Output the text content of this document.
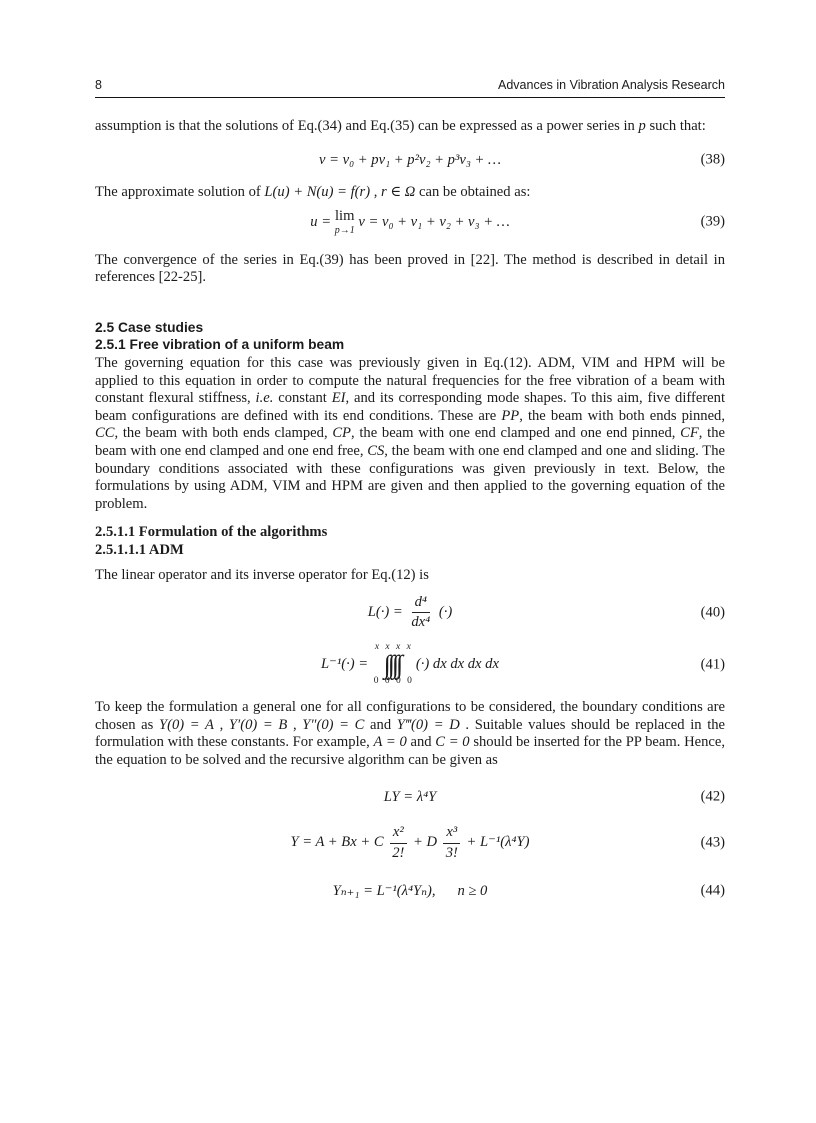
8	Advances in Vibration Analysis Research

assumption is that the solutions of Eq.(34) and Eq.(35) can be expressed as a power series in p such that:

v = v₀ + pv₁ + p²v₂ + p³v₃ + …	(38)

The approximate solution of L(u) + N(u) = f(r) , r ∈ Ω can be obtained as:

u = lim
p→1
v = v₀ + v₁ + v₂ + v₃ + …	(39)

The convergence of the series in Eq.(39) has been proved in [22]. The method is described in detail in references [22-25].

2.5 Case studies
2.5.1 Free vibration of a uniform beam

The governing equation for this case was previously given in Eq.(12). ADM, VIM and HPM will be applied to this equation in order to compute the natural frequencies for the free vibration of a beam with constant flexural stiffness, i.e. constant EI, and its corresponding mode shapes. To this aim, five different beam configurations are defined with its end conditions. These are PP, the beam with both ends pinned, CC, the beam with both ends clamped, CP, the beam with one end clamped and one end pinned, CF, the beam with one end clamped and one end free, CS, the beam with one end clamped and one and sliding. The boundary conditions associated with these configurations was given previously in text. Below, the formulations by using ADM, VIM and HPM are given and then applied to the governing equation of the problem.

2.5.1.1 Formulation of the algorithms
2.5.1.1.1 ADM

The linear operator and its inverse operator for Eq.(12) is

$L(\cdot) = \frac{\text{d⁴}}{\text{dx⁴}}$ (·)	(40)
L⁻¹(·) =
x x x x
∫∫∫∫
0 0 0 0
(·) dx dx dx dx	(41)

To keep the formulation a general one for all configurations to be considered, the boundary conditions are chosen as Y(0) = A , Y′(0) = B , Y″(0) = C and Y‴(0) = D . Suitable values should be replaced in the formulation with these constants. For example, A = 0 and C = 0 should be inserted for the PP beam. Hence, the equation to be solved and the recursive algorithm can be given as

LY = λ⁴Y	(42)
Y = A + Bx + C $\frac{\text{x²}}{2!} + D \frac{\text{x³}}{3!} + L^{-1}(\lambda^4Y)$	(43)
Yₙ₊₁ = L⁻¹(λ⁴Yₙ),  n ≥ 0	(44)
